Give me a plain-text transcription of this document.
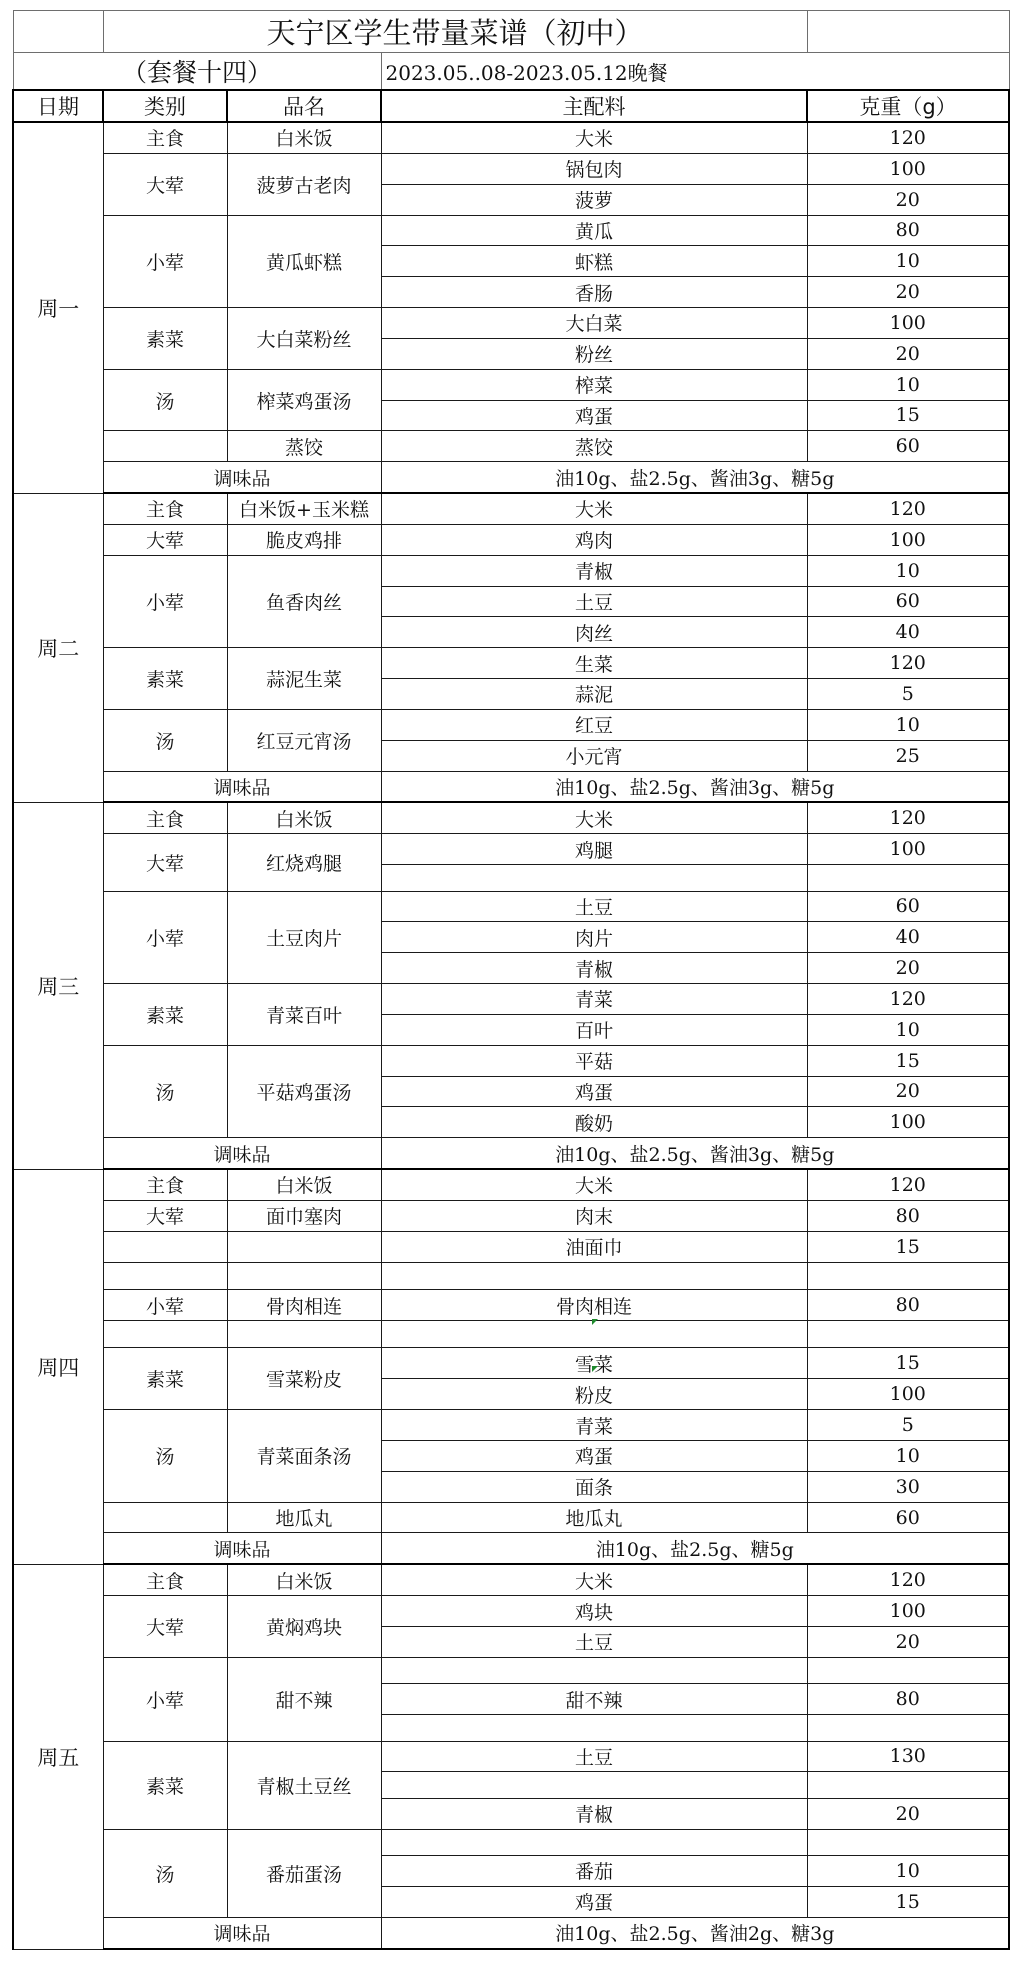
	天宁区学生带量菜谱（初中）			
（套餐十四）			2023.05..08-2023.05.12晚餐	
日期	类别	品名	主配料	克重（g）
周一	主食	白米饭	大米	120
	大荤	菠萝古老肉	锅包肉	100
			菠萝	20
	小荤	黄瓜虾糕	黄瓜	80
			虾糕	10
			香肠	20
	素菜	大白菜粉丝	大白菜	100
			粉丝	20
	汤	榨菜鸡蛋汤	榨菜	10
			鸡蛋	15
		蒸饺	蒸饺	60
	调味品		油10g、盐2.5g、酱油3g、糖5g	
周二	主食	白米饭+玉米糕	大米	120
	大荤	脆皮鸡排	鸡肉	100
	小荤	鱼香肉丝	青椒	10
			土豆	60
			肉丝	40
	素菜	蒜泥生菜	生菜	120
			蒜泥	5
	汤	红豆元宵汤	红豆	10
			小元宵	25
	调味品		油10g、盐2.5g、酱油3g、糖5g	
周三	主食	白米饭	大米	120
	大荤	红烧鸡腿	鸡腿	100

	小荤	土豆肉片	土豆	60
			肉片	40
			青椒	20
	素菜	青菜百叶	青菜	120
			百叶	10
	汤	平菇鸡蛋汤	平菇	15
			鸡蛋	20
			酸奶	100
	调味品		油10g、盐2.5g、酱油3g、糖5g	
周四	主食	白米饭	大米	120
	大荤	面巾塞肉	肉末	80
			油面巾	15

	小荤	骨肉相连	骨肉相连	80

	素菜	雪菜粉皮	雪菜	15
			粉皮	100
	汤	青菜面条汤	青菜	5
			鸡蛋	10
			面条	30
		地瓜丸	地瓜丸	60
	调味品		油10g、盐2.5g、糖5g	
周五	主食	白米饭	大米	120
	大荤	黄焖鸡块	鸡块	100
			土豆	20
	小荤	甜不辣		
			甜不辣	80

	素菜	青椒土豆丝	土豆	130

			青椒	20
	汤	番茄蛋汤		
			番茄	10
			鸡蛋	15
	调味品		油10g、盐2.5g、酱油2g、糖3g	
